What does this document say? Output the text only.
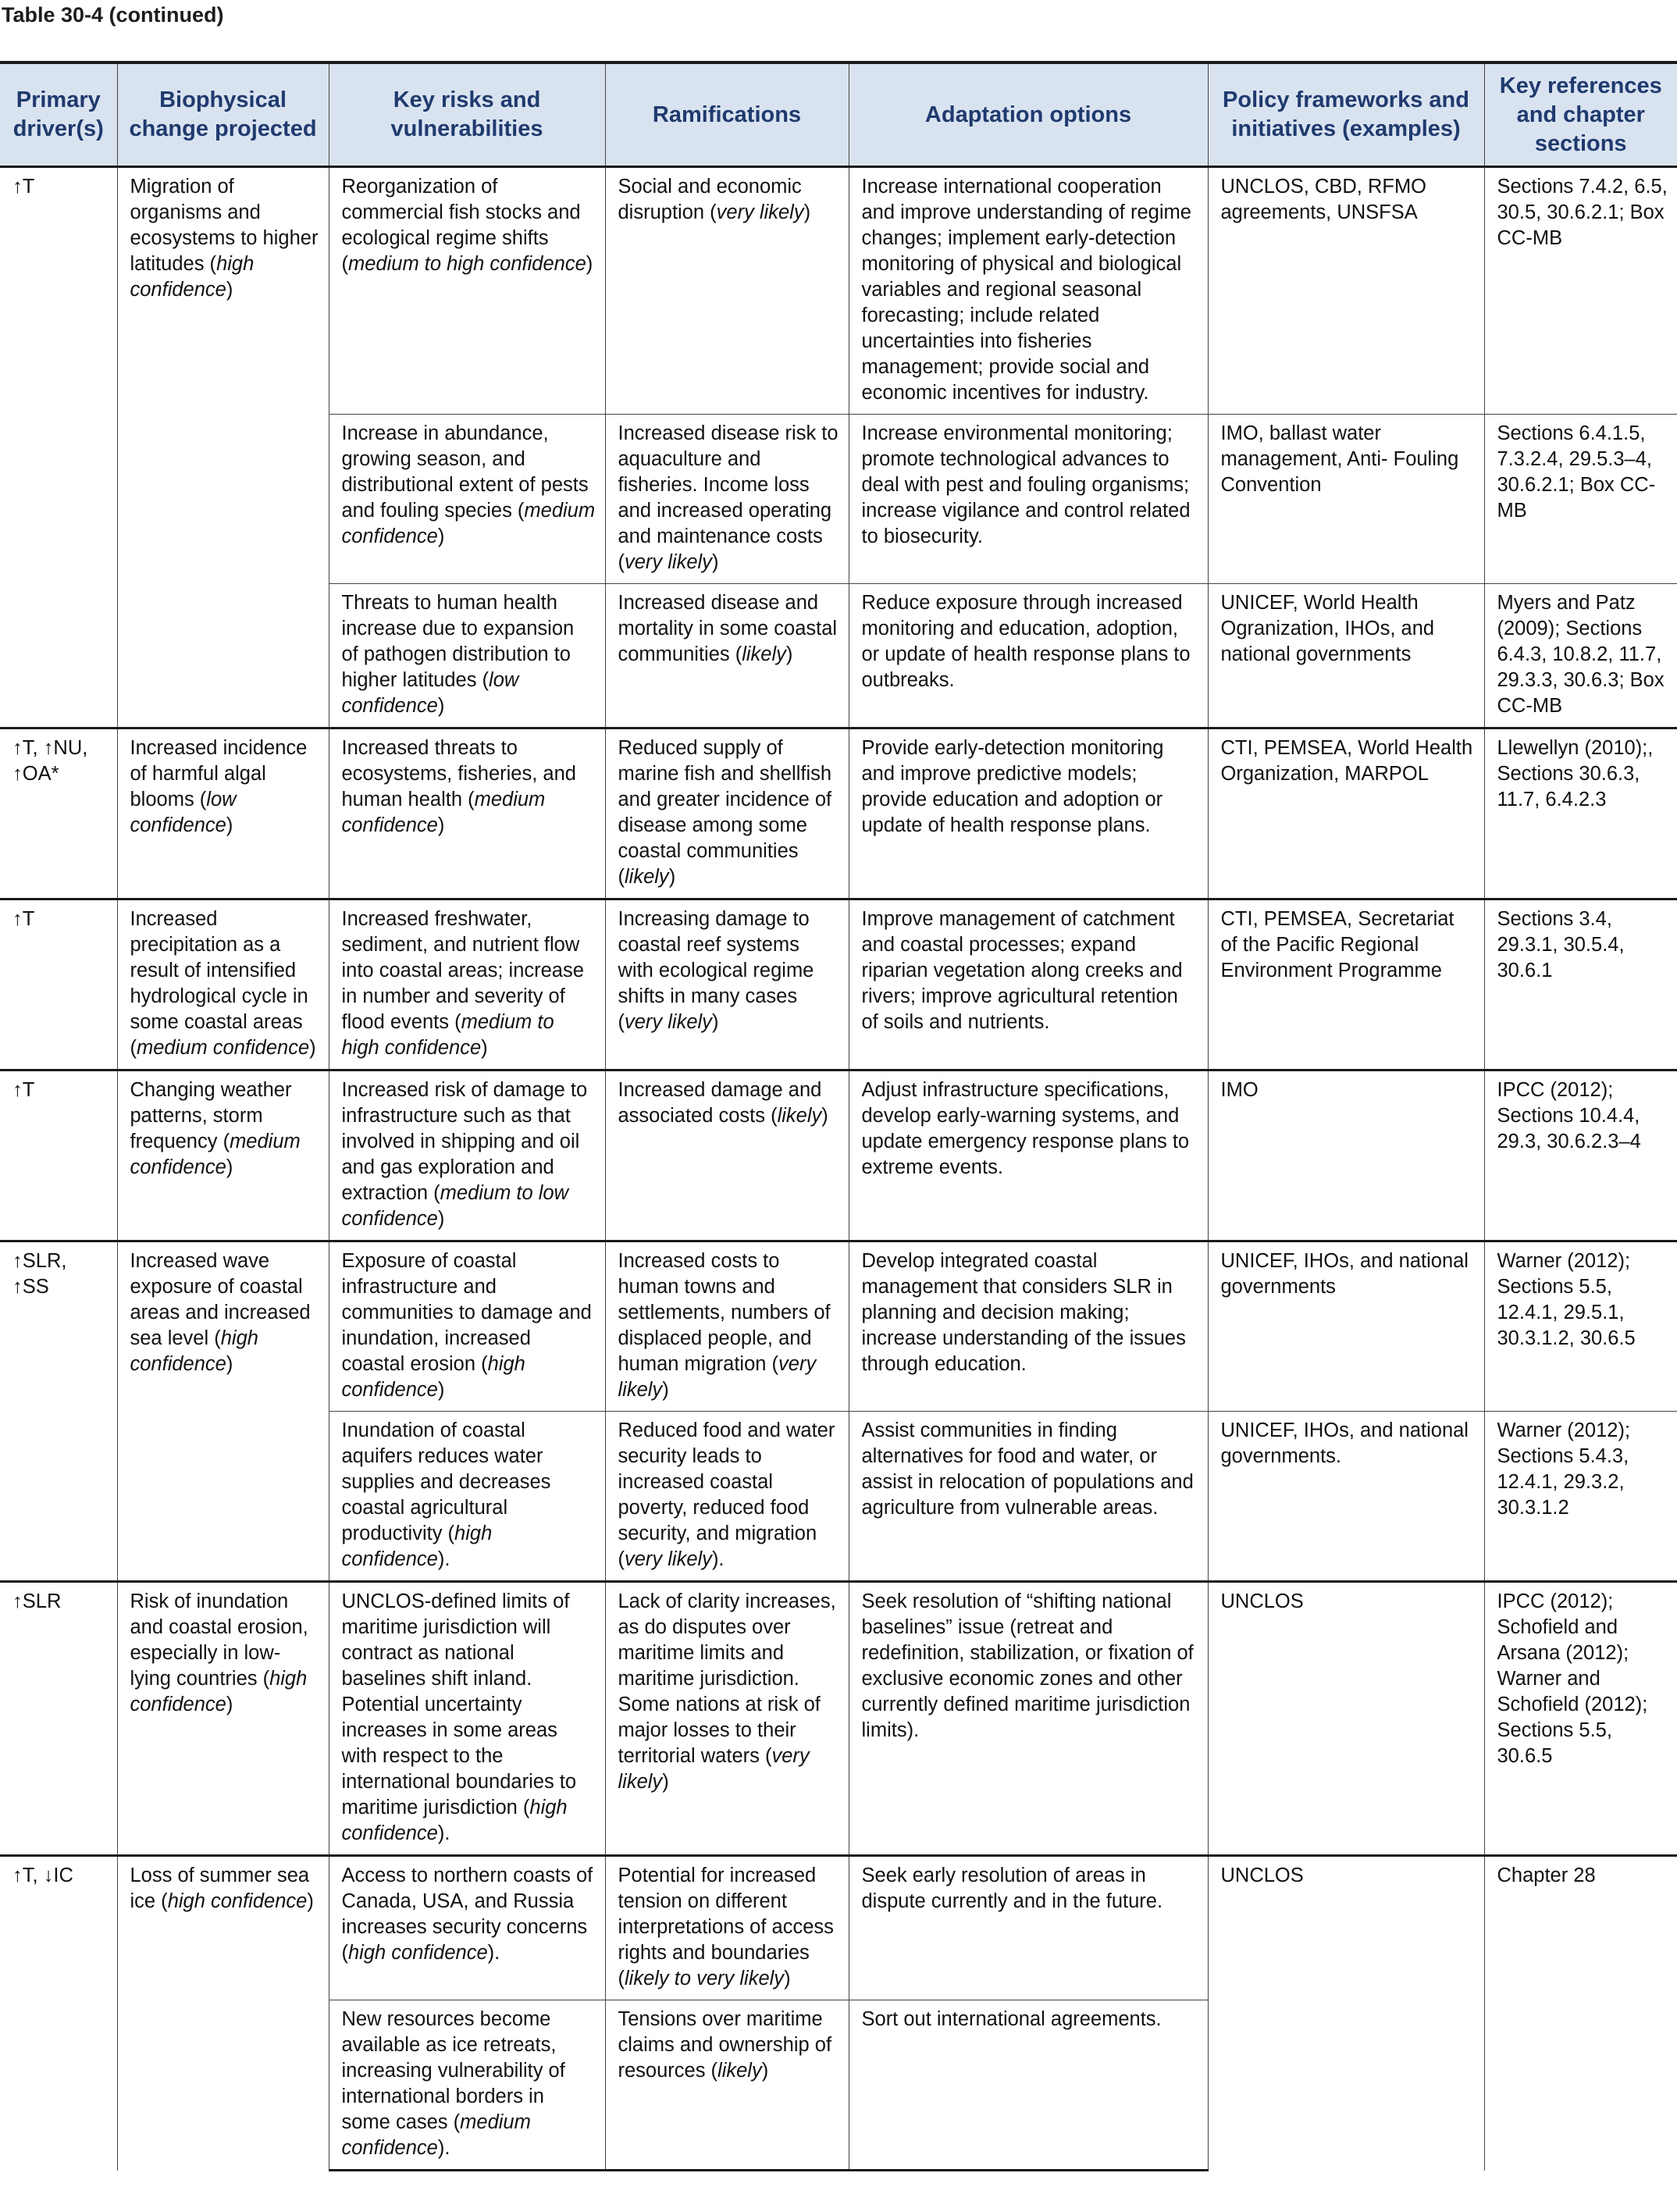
Table 30-4 (continued)
Primary driver(s)	Biophysical change projected	Key risks and vulnerabilities	Ramifications	Adaptation options	Policy frameworks and initiatives (examples)	Key references and chapter sections
↑T	Migration of organisms and ecosystems to higher latitudes (high confidence)	Reorganization of commercial fish stocks and ecological regime shifts (medium to high confidence)	Social and economic disruption (very likely)	Increase international cooperation and improve understanding of regime changes; implement early-detection monitoring of physical and biological variables and regional seasonal forecasting; include related uncertainties into fisheries management; provide social and economic incentives for industry.	UNCLOS, CBD, RFMO agreements, UNSFSA	Sections 7.4.2, 6.5, 30.5, 30.6.2.1; Box CC-MB
		Increase in abundance, growing season, and distributional extent of pests and fouling species (medium confidence)	Increased disease risk to aquaculture and fisheries. Income loss and increased operating and maintenance costs (very likely)	Increase environmental monitoring; promote technological advances to deal with pest and fouling organisms; increase vigilance and control related to biosecurity.	IMO, ballast water management, Anti- Fouling Convention	Sections 6.4.1.5, 7.3.2.4, 29.5.3–4, 30.6.2.1; Box CC-MB
		Threats to human health increase due to expansion of pathogen distribution to higher latitudes (low confidence)	Increased disease and mortality in some coastal communities (likely)	Reduce exposure through increased monitoring and education, adoption, or update of health response plans to outbreaks.	UNICEF, World Health Ogranization, IHOs, and national governments	Myers and Patz (2009); Sections 6.4.3, 10.8.2, 11.7, 29.3.3, 30.6.3; Box CC-MB
↑T, ↑NU, ↑OA*	Increased incidence of harmful algal blooms (low confidence)	Increased threats to ecosystems, fisheries, and human health (medium confidence)	Reduced supply of marine fish and shellfish and greater incidence of disease among some coastal communities (likely)	Provide early-detection monitoring and improve predictive models; provide education and adoption or update of health response plans.	CTI, PEMSEA, World Health Organization, MARPOL	Llewellyn (2010);, Sections 30.6.3, 11.7, 6.4.2.3
↑T	Increased precipitation as a result of intensified hydrological cycle in some coastal areas (medium confidence)	Increased freshwater, sediment, and nutrient flow into coastal areas; increase in number and severity of flood events (medium to high confidence)	Increasing damage to coastal reef systems with ecological regime shifts in many cases (very likely)	Improve management of catchment and coastal processes; expand riparian vegetation along creeks and rivers; improve agricultural retention of soils and nutrients.	CTI, PEMSEA, Secretariat of the Pacific Regional Environment Programme	Sections 3.4, 29.3.1, 30.5.4, 30.6.1
↑T	Changing weather patterns, storm frequency (medium confidence)	Increased risk of damage to infrastructure such as that involved in shipping and oil and gas exploration and extraction (medium to low confidence)	Increased damage and associated costs (likely)	Adjust infrastructure specifications, develop early-warning systems, and update emergency response plans to extreme events.	IMO	IPCC (2012); Sections 10.4.4, 29.3, 30.6.2.3–4
↑SLR, ↑SS	Increased wave exposure of coastal areas and increased sea level (high confidence)	Exposure of coastal infrastructure and communities to damage and inundation, increased coastal erosion (high confidence)	Increased costs to human towns and settlements, numbers of displaced people, and human migration (very likely)	Develop integrated coastal management that considers SLR in planning and decision making; increase understanding of the issues through education.	UNICEF, IHOs, and national governments	Warner (2012); Sections 5.5, 12.4.1, 29.5.1, 30.3.1.2, 30.6.5
		Inundation of coastal aquifers reduces water supplies and decreases coastal agricultural productivity (high confidence).	Reduced food and water security leads to increased coastal poverty, reduced food security, and migration (very likely).	Assist communities in finding alternatives for food and water, or assist in relocation of populations and agriculture from vulnerable areas.	UNICEF, IHOs, and national governments.	Warner (2012); Sections 5.4.3, 12.4.1, 29.3.2, 30.3.1.2
↑SLR	Risk of inundation and coastal erosion, especially in low-lying countries (high confidence)	UNCLOS-defined limits of maritime jurisdiction will contract as national baselines shift inland. Potential uncertainty increases in some areas with respect to the international boundaries to maritime jurisdiction (high confidence).	Lack of clarity increases, as do disputes over maritime limits and maritime jurisdiction. Some nations at risk of major losses to their territorial waters (very likely)	Seek resolution of “shifting national baselines” issue (retreat and redefinition, stabilization, or fixation of exclusive economic zones and other currently defined maritime jurisdiction limits).	UNCLOS	IPCC (2012); Schofield and Arsana (2012); Warner and Schofield (2012); Sections 5.5, 30.6.5
↑T, ↓IC	Loss of summer sea ice (high confidence)	Access to northern coasts of Canada, USA, and Russia increases security concerns (high confidence).	Potential for increased tension on different interpretations of access rights and boundaries (likely to very likely)	Seek early resolution of areas in dispute currently and in the future.	UNCLOS	Chapter 28
		New resources become available as ice retreats, increasing vulnerability of international borders in some cases (medium confidence).	Tensions over maritime claims and ownership of resources (likely)	Sort out international agreements.		
